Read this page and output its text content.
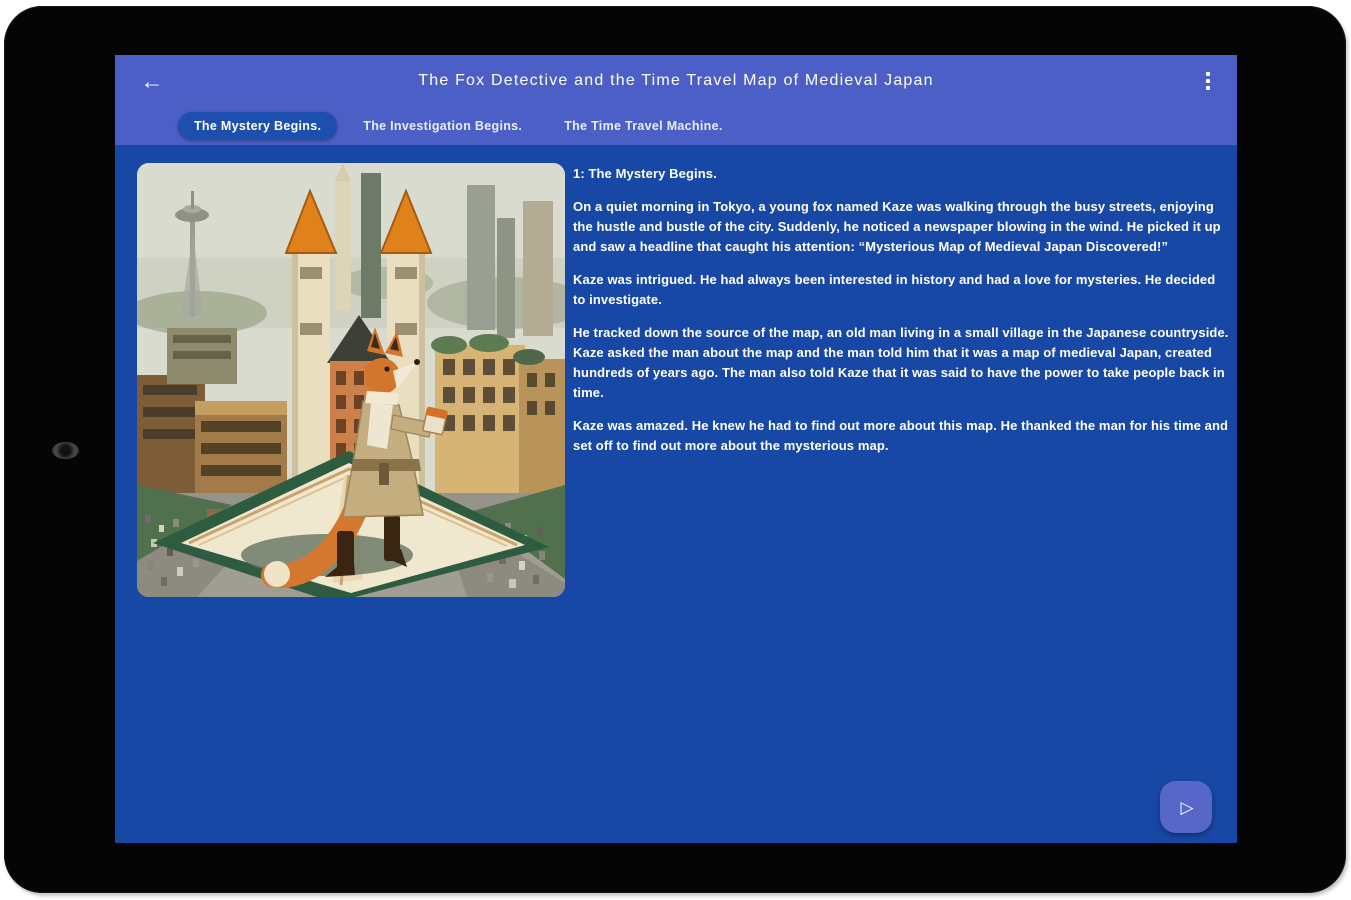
←	The Fox Detective and the Time Travel Map of Medieval Japan
The Mystery Begins.	The Investigation Begins.	The Time Travel Machine.

1: The Mystery Begins.

On a quiet morning in Tokyo, a young fox named Kaze was walking through the busy streets, enjoying the hustle and bustle of the city. Suddenly, he noticed a newspaper blowing in the wind. He picked it up and saw a headline that caught his attention: “Mysterious Map of Medieval Japan Discovered!”

Kaze was intrigued. He had always been interested in history and had a love for mysteries. He decided to investigate.

He tracked down the source of the map, an old man living in a small village in the Japanese countryside. Kaze asked the man about the map and the man told him that it was a map of medieval Japan, created hundreds of years ago. The man also told Kaze that it was said to have the power to take people back in time.

Kaze was amazed. He knew he had to find out more about this map. He thanked the man for his time and set off to find out more about the mysterious map.

▷
